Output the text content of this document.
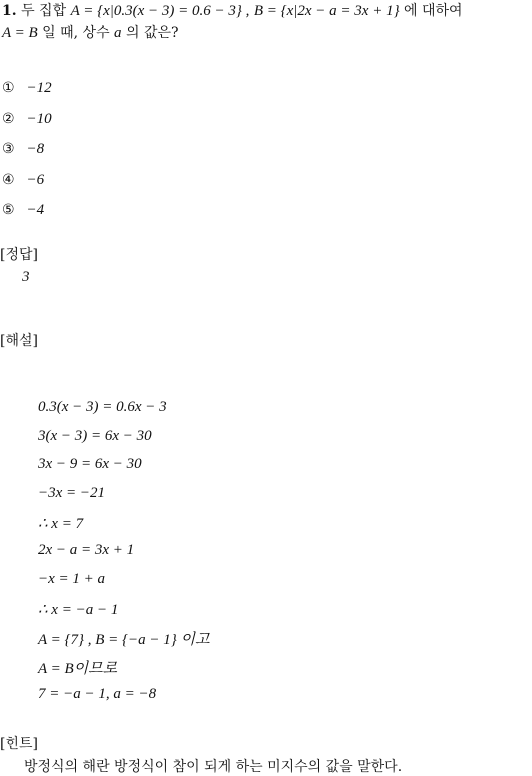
1. 두 집합 A = {x|0.3(x − 3) = 0.6 − 3} , B = {x|2x − a = 3x + 1} 에 대하여
A = B 일 때, 상수 a 의 값은?
① −12
② −10
③ −8
④ −6
⑤ −4
[정답]
3
[해설]
0.3(x − 3) = 0.6x − 3
3(x − 3) = 6x − 30
3x − 9 = 6x − 30
−3x = −21
∴ x = 7
2x − a = 3x + 1
−x = 1 + a
∴ x = −a − 1
A = {7} , B = {−a − 1} 이고
A = B이므로
7 = −a − 1, a = −8
[힌트]
방정식의 해란 방정식이 참이 되게 하는 미지수의 값을 말한다.
